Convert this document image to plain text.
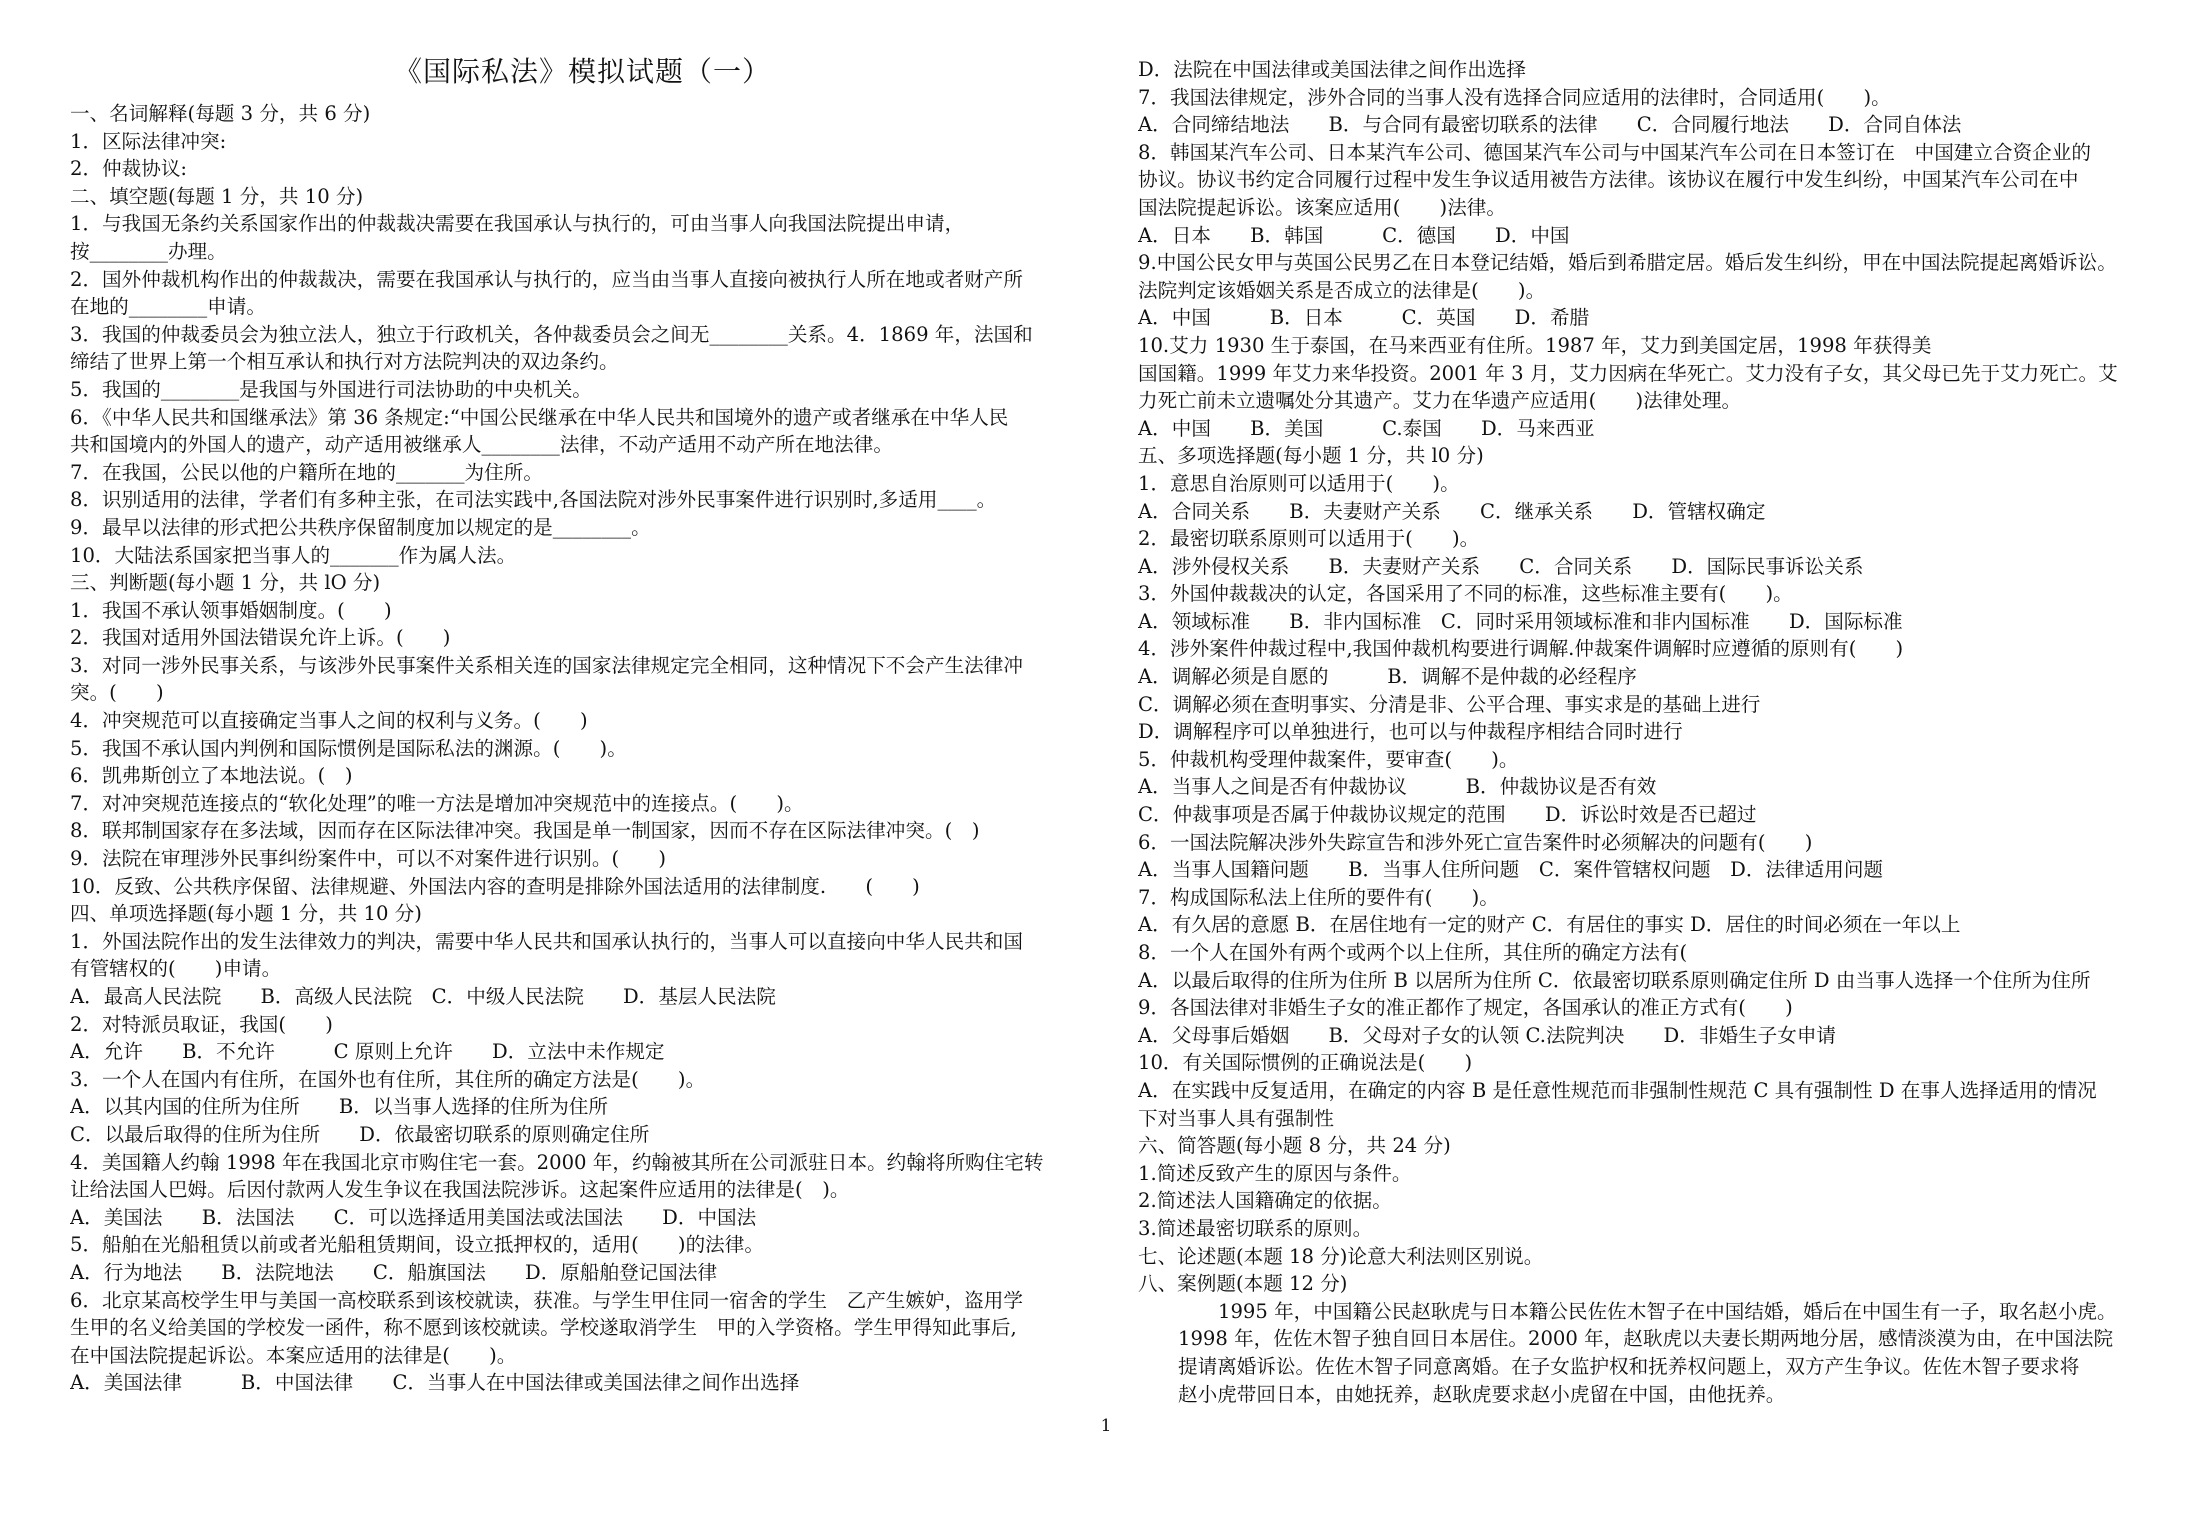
《国际私法》模拟试题（一）
一、名词解释(每题 3 分，共 6 分)
1．区际法律冲突:
2．仲裁协议:
二、填空题(每题 1 分，共 10 分)
1．与我国无条约关系国家作出的仲裁裁决需要在我国承认与执行的，可由当事人向我国法院提出申请，
按________办理。
2．国外仲裁机构作出的仲裁裁决，需要在我国承认与执行的，应当由当事人直接向被执行人所在地或者财产所
在地的________申请。
3．我国的仲裁委员会为独立法人，独立于行政机关，各仲裁委员会之间无________关系。4．1869 年，法国和
缔结了世界上第一个相互承认和执行对方法院判决的双边条约。
5．我国的________是我国与外国进行司法协助的中央机关。
6．《中华人民共和国继承法》第 36 条规定:“中国公民继承在中华人民共和国境外的遗产或者继承在中华人民
共和国境内的外国人的遗产，动产适用被继承人________法律，不动产适用不动产所在地法律。
7．在我国，公民以他的户籍所在地的_______为住所。
8．识别适用的法律，学者们有多种主张，在司法实践中,各国法院对涉外民事案件进行识别时,多适用____。
9．最早以法律的形式把公共秩序保留制度加以规定的是________。
10．大陆法系国家把当事人的_______作为属人法。
三、判断题(每小题 1 分，共 lO 分)
1．我国不承认领事婚姻制度。(　　)
2．我国对适用外国法错误允许上诉。(　　)
3．对同一涉外民事关系，与该涉外民事案件关系相关连的国家法律规定完全相同，这种情况下不会产生法律冲
突。(　　)
4．冲突规范可以直接确定当事人之间的权利与义务。(　　)
5．我国不承认国内判例和国际惯例是国际私法的渊源。(　　)。
6．凯弗斯创立了本地法说。(　)
7．对冲突规范连接点的“软化处理”的唯一方法是增加冲突规范中的连接点。(　　)。
8．联邦制国家存在多法域，因而存在区际法律冲突。我国是单一制国家，因而不存在区际法律冲突。(　)
9．法院在审理涉外民事纠纷案件中，可以不对案件进行识别。(　　)
10．反致、公共秩序保留、法律规避、外国法内容的查明是排除外国法适用的法律制度.　　(　　)
四、单项选择题(每小题 1 分，共 10 分)
1．外国法院作出的发生法律效力的判决，需要中华人民共和国承认执行的，当事人可以直接向中华人民共和国
有管辖权的(　　)申请。
A．最高人民法院　　B．高级人民法院　C．中级人民法院　　D．基层人民法院
2．对特派员取证，我国(　　)
A．允许　　B．不允许　　　C 原则上允许　　D．立法中未作规定
3．一个人在国内有住所，在国外也有住所，其住所的确定方法是(　　)。
A．以其内国的住所为住所　　B．以当事人选择的住所为住所
C．以最后取得的住所为住所　　D．依最密切联系的原则确定住所
4．美国籍人约翰 1998 年在我国北京市购住宅一套。2000 年，约翰被其所在公司派驻日本。约翰将所购住宅转
让给法国人巴姆。后因付款两人发生争议在我国法院涉诉。这起案件应适用的法律是(　)。
A．美国法　　B．法国法　　C．可以选择适用美国法或法国法　　D．中国法
5．船舶在光船租赁以前或者光船租赁期间，设立抵押权的，适用(　　)的法律。
A．行为地法　　B．法院地法　　C．船旗国法　　D．原船舶登记国法律
6．北京某高校学生甲与美国一高校联系到该校就读，获准。与学生甲住同一宿舍的学生　乙产生嫉妒，盗用学
生甲的名义给美国的学校发一函件，称不愿到该校就读。学校遂取消学生　甲的入学资格。学生甲得知此事后,
在中国法院提起诉讼。本案应适用的法律是(　　)。
A．美国法律　　　B．中国法律　　C．当事人在中国法律或美国法律之间作出选择
D．法院在中国法律或美国法律之间作出选择
7．我国法律规定，涉外合同的当事人没有选择合同应适用的法律时，合同适用(　　)。
A．合同缔结地法　　B．与合同有最密切联系的法律　　C．合同履行地法　　D．合同自体法
8．韩国某汽车公司、日本某汽车公司、德国某汽车公司与中国某汽车公司在日本签订在　中国建立合资企业的
协议。协议书约定合同履行过程中发生争议适用被告方法律。该协议在履行中发生纠纷，中国某汽车公司在中
国法院提起诉讼。该案应适用(　　)法律。
A．日本　　B．韩国　　　C．德国　　D．中国
9.中国公民女甲与英国公民男乙在日本登记结婚，婚后到希腊定居。婚后发生纠纷，甲在中国法院提起离婚诉讼。
法院判定该婚姻关系是否成立的法律是(　　)。
A．中国　　　B．日本　　　C．英国　　D．希腊
10.艾力 1930 生于泰国，在马来西亚有住所。1987 年，艾力到美国定居，1998 年获得美
国国籍。1999 年艾力来华投资。2001 年 3 月，艾力因病在华死亡。艾力没有子女，其父母已先于艾力死亡。艾
力死亡前未立遗嘱处分其遗产。艾力在华遗产应适用(　　)法律处理。
A．中国　　B．美国　　　C.泰国　　D．马来西亚
五、多项选择题(每小题 1 分，共 l0 分)
1．意思自治原则可以适用于(　　)。
A．合同关系　　B．夫妻财产关系　　C．继承关系　　D．管辖权确定
2．最密切联系原则可以适用于(　　)。
A．涉外侵权关系　　B．夫妻财产关系　　C．合同关系　　D．国际民事诉讼关系
3．外国仲裁裁决的认定，各国采用了不同的标准，这些标准主要有(　　)。
A．领域标准　　B．非内国标准　C．同时采用领域标准和非内国标准　　D．国际标准
4．涉外案件仲裁过程中,我国仲裁机构要进行调解.仲裁案件调解时应遵循的原则有(　　)
A．调解必须是自愿的　　　B．调解不是仲裁的必经程序
C．调解必须在查明事实、分清是非、公平合理、事实求是的基础上进行
D．调解程序可以单独进行，也可以与仲裁程序相结合同时进行
5．仲裁机构受理仲裁案件，要审查(　　)。
A．当事人之间是否有仲裁协议　　　B．仲裁协议是否有效
C．仲裁事项是否属于仲裁协议规定的范围　　D．诉讼时效是否已超过
6．一国法院解决涉外失踪宣告和涉外死亡宣告案件时必须解决的问题有(　　)
A．当事人国籍问题　　B．当事人住所问题　C．案件管辖权问题　D．法律适用问题
7．构成国际私法上住所的要件有(　　)。
A．有久居的意愿 B．在居住地有一定的财产 C．有居住的事实 D．居住的时间必须在一年以上
8．一个人在国外有两个或两个以上住所，其住所的确定方法有(
A．以最后取得的住所为住所 B 以居所为住所 C．依最密切联系原则确定住所 D 由当事人选择一个住所为住所
9．各国法律对非婚生子女的准正都作了规定，各国承认的准正方式有(　　)
A．父母事后婚姻　　B．父母对子女的认领 C.法院判决　　D．非婚生子女申请
10．有关国际惯例的正确说法是(　　)
A．在实践中反复适用，在确定的内容 B 是任意性规范而非强制性规范 C 具有强制性 D 在事人选择适用的情况
下对当事人具有强制性
六、简答题(每小题 8 分，共 24 分)
1.简述反致产生的原因与条件。
2.简述法人国籍确定的依据。
3.简述最密切联系的原则。
七、论述题(本题 18 分)论意大利法则区别说。
八、案例题(本题 12 分)
1995 年，中国籍公民赵耿虎与日本籍公民佐佐木智子在中国结婚，婚后在中国生有一子，取名赵小虎。
1998 年，佐佐木智子独自回日本居住。2000 年，赵耿虎以夫妻长期两地分居，感情淡漠为由，在中国法院
提请离婚诉讼。佐佐木智子同意离婚。在子女监护权和抚养权问题上，双方产生争议。佐佐木智子要求将
赵小虎带回日本，由她抚养，赵耿虎要求赵小虎留在中国，由他抚养。
1
